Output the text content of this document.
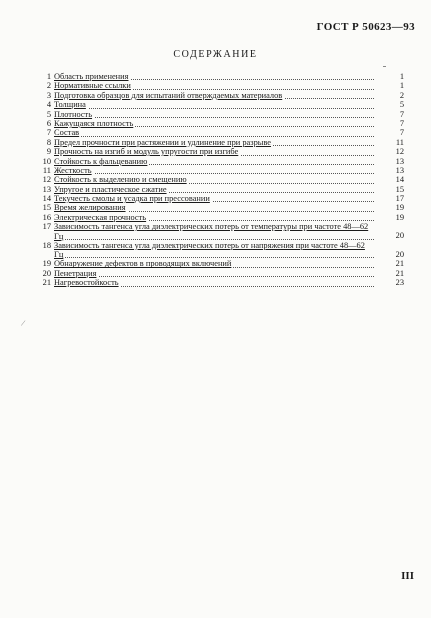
ГОСТ Р 50623—93
СОДЕРЖАНИЕ
1 Область применения	1
2 Нормативные ссылки	1
3 Подготовка образцов для испытаний отверждаемых материалов	2
4 Толщина	5
5 Плотность	7
6 Кажущаяся плотность	7
7 Состав	7
8 Предел прочности при растяжении и удлинение при разрыве	11
9 Прочность на изгиб и модуль упругости при изгибе	12
10 Стойкость к фальцеванию	13
11 Жесткость	13
12 Стойкость к выделению и смещению	14
13 Упругое и пластическое сжатие	15
14 Текучесть смолы и усадка при прессовании	17
15 Время желирования	19
16 Электрическая прочность	19
17 Зависимость тангенса угла диэлектрических потерь от температуры при частоте 48—62 Гц	20
18 Зависимость тангенса угла диэлектрических потерь от напряжения при частоте 48—62 Гц	20
19 Обнаружение дефектов в проводящих включений	21
20 Пенетрация	21
21 Нагревостойкость	23
/
III
